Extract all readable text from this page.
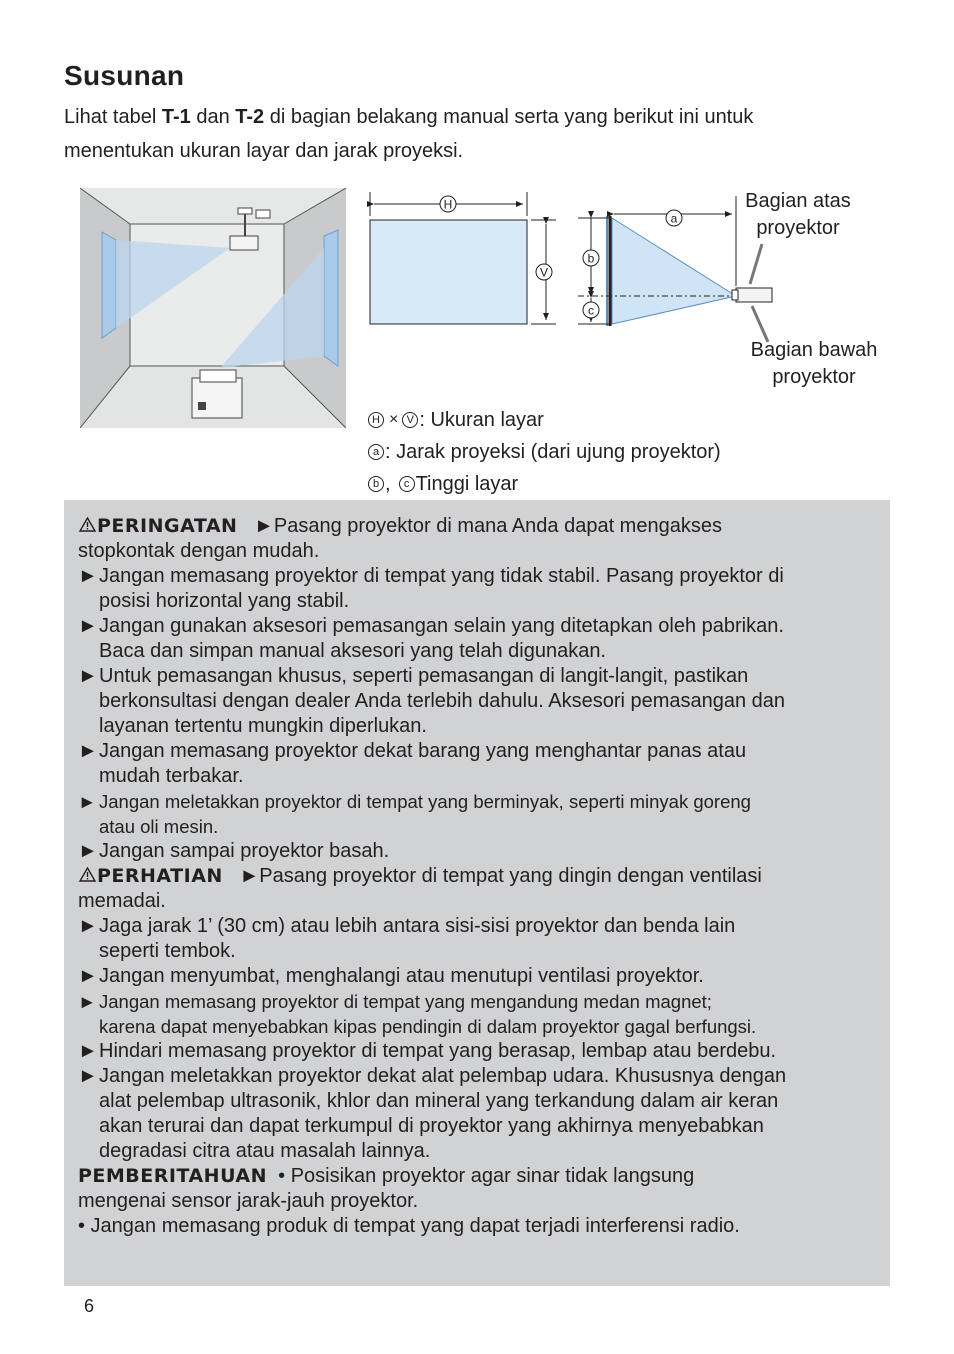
Susunan
Lihat tabel T-1 dan T-2 di bagian belakang manual serta yang berikut ini untuk
menentukan ukuran layar dan jarak proyeksi.
H
V
a
b
c
Bagian atas
proyektor
Bagian bawah
proyektor
H × V : Ukuran layar
a : Jarak proyeksi (dari ujung proyektor)
b ,	c Tinggi layar
PERINGATAN ►Pasang proyektor di mana Anda dapat mengakses
stopkontak dengan mudah.
►Jangan memasang proyektor di tempat yang tidak stabil. Pasang proyektor di
posisi horizontal yang stabil.
►Jangan gunakan aksesori pemasangan selain yang ditetapkan oleh pabrikan.
Baca dan simpan manual aksesori yang telah digunakan.
►Untuk pemasangan khusus, seperti pemasangan di langit-langit, pastikan
berkonsultasi dengan dealer Anda terlebih dahulu. Aksesori pemasangan dan
layanan tertentu mungkin diperlukan.
►Jangan memasang proyektor dekat barang yang menghantar panas atau
mudah terbakar.
► Jangan meletakkan proyektor di tempat yang berminyak, seperti minyak goreng
atau oli mesin.
►Jangan sampai proyektor basah.
PERHATIAN ►Pasang proyektor di tempat yang dingin dengan ventilasi
memadai.
►Jaga jarak 1’ (30 cm) atau lebih antara sisi-sisi proyektor dan benda lain
seperti tembok.
►Jangan menyumbat, menghalangi atau menutupi ventilasi proyektor.
► Jangan memasang proyektor di tempat yang mengandung medan magnet;
karena dapat menyebabkan kipas pendingin di dalam proyektor gagal berfungsi.
►Hindari memasang proyektor di tempat yang berasap, lembap atau berdebu.
►Jangan meletakkan proyektor dekat alat pelembap udara. Khususnya dengan
alat pelembap ultrasonik, khlor dan mineral yang terkandung dalam air keran
akan terurai dan dapat terkumpul di proyektor yang akhirnya menyebabkan
degradasi citra atau masalah lainnya.
PEMBERITAHUAN • Posisikan proyektor agar sinar tidak langsung
mengenai sensor jarak-jauh proyektor.
• Jangan memasang produk di tempat yang dapat terjadi interferensi radio.
6
